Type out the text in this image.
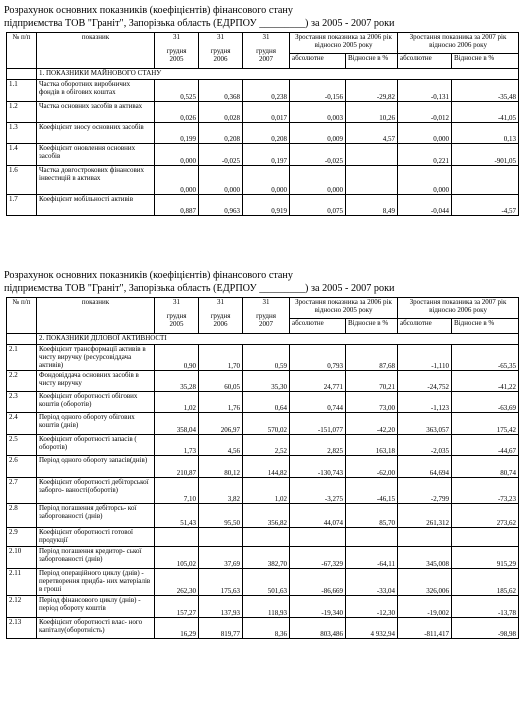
Розрахунок основних показників (коефіцієнтів) фінансового стану
підприємства ТОВ "Граніт", Запорізька область (ЕДРПОУ _________) за 2005 - 2007 роки
№ п/п	показник	31
грудня
2005	31
грудня
2006	31
грудня
2007	Зростання показника за 2006 рік відносно 2005 року		Зростання показника за 2007 рік відносно 2006 року	
					абсолютне	Відносне в %	абсолютне	Відносне в %
	1. ПОКАЗНИКИ МАЙНОВОГО СТАНУ							
1.1	Частка оборотних виробничих фондів в обігових коштах	0,525	0,368	0,238	-0,156	-29,82	-0,131	-35,48
1.2	Частка основних засобів в активах	0,026	0,028	0,017	0,003	10,26	-0,012	-41,05
1.3	Коефіцієнт зносу основних засобів	0,199	0,208	0,208	0,009	4,57	0,000	0,13
1.4	Коефіцієнт оновлення основних засобів	0,000	-0,025	0,197	-0,025		0,221	-901,05
1.6	Частка довгострокових фінансових інвестицій в активах	0,000	0,000	0,000	0,000		0,000	
1.7	Коефіцієнт мобільності активів	0,887	0,963	0,919	0,075	8,49	-0,044	-4,57
Розрахунок основних показників (коефіцієнтів) фінансового стану
підприємства ТОВ "Граніт", Запорізька область (ЕДРПОУ _________) за 2005 - 2007 роки
№ п/п	показник	31
грудня
2005	31
грудня
2006	31
грудня
2007	Зростання показника за 2006 рік відносно 2005 року		Зростання показника за 2007 рік відносно 2006 року	
					абсолютне	Відносне в %	абсолютне	Відносне в %
	2. ПОКАЗНИКИ ДІЛОВОЇ АКТИВНОСТІ							
2.1	Коефіцієнт трансформації активів в чисту виручку (ресурсовіддача активів)	0,90	1,70	0,59	0,793	87,68	-1,110	-65,35
2.2	Фондовіддача основних засобів в чисту виручку	35,28	60,05	35,30	24,771	70,21	-24,752	-41,22
2.3	Коефіцієнт оборотності обігових коштів (оборотів)	1,02	1,76	0,64	0,744	73,00	-1,123	-63,69
2.4	Період одного обороту обігових коштів (днів)	358,04	206,97	570,02	-151,077	-42,20	363,057	175,42
2.5	Коефіцієнт оборотності запасів ( оборотів)	1,73	4,56	2,52	2,825	163,18	-2,035	-44,67
2.6	Період одного обороту запасів(днів)	210,87	80,12	144,82	-130,743	-62,00	64,694	80,74
2.7	Коефіцієнт оборотності дебіторської заборго- ваності(оборотів)	7,10	3,82	1,02	-3,275	-46,15	-2,799	-73,23
2.8	Період погашення дебіторсь- кої заборгованості (днів)	51,43	95,50	356,82	44,074	85,70	261,312	273,62
2.9	Коефіцієнт оборотності готової продукції							
2.10	Період погашення кредитор- ської заборгованості (днів)	105,02	37,69	382,70	-67,329	-64,11	345,008	915,29
2.11	Період операційного циклу (днів) - перетворення придба- них матеріалів в гроші	262,30	175,63	501,63	-86,669	-33,04	326,006	185,62
2.12	Період фінансового циклу (днів) - період обороту коштів	157,27	137,93	118,93	-19,340	-12,30	-19,002	-13,78
2.13	Коефіцієнт оборотності влас- ного капіталу(оборотність)	16,29	819,77	8,36	803,486	4 932,94	-811,417	-98,98
